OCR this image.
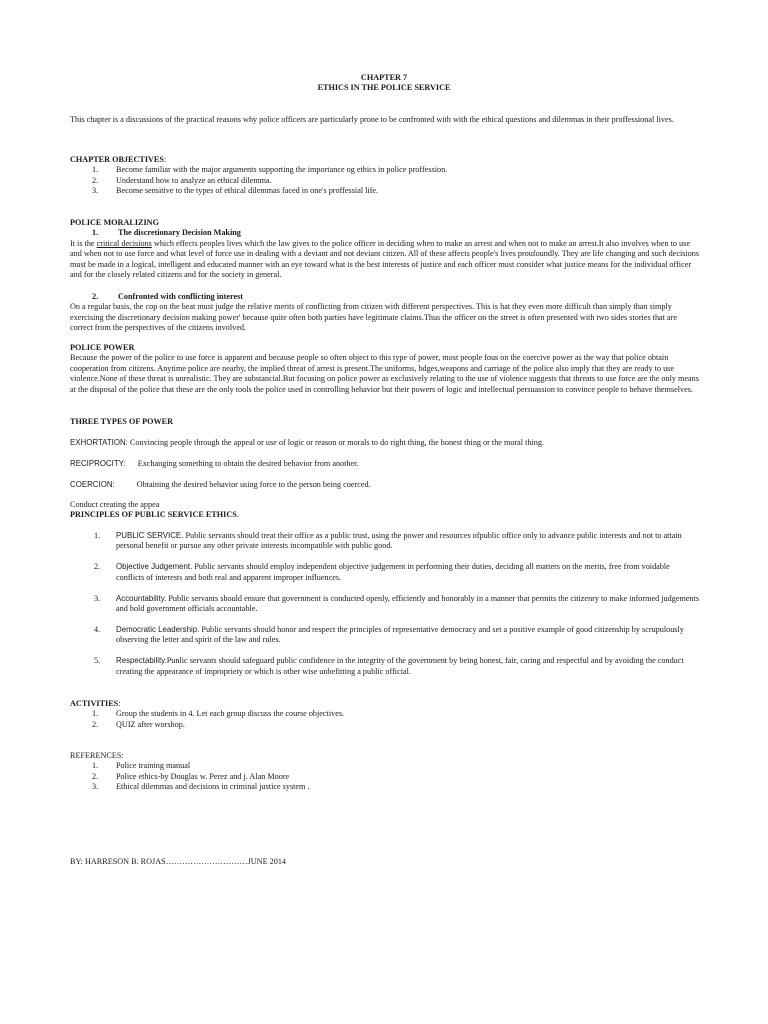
CHAPTER 7
ETHICS IN THE POLICE SERVICE

This chapter is a discussions of the practical reasons why police officers are particularly prone to be confronted with with the ethical questions and dilemmas in their proffessional lives.

CHAPTER OBJECTIVES:
1. Become familiar with the major arguments supporting the importance og ethics in police proffession.
2. Understand how to analyze an ethical dilemma.
3. Become sensitive to the types of ethical dilemmas faced in one's proffessial life.
POLICE MORALIZING
1. The discretionary Decision Making

It is the critical decisions which effects peoples lives which the law gives to the police officer in deciding when to make an arrest and when not to make an arrest.It also involves when to use and when not to use force and what level of force use in dealing with a deviant and not deviant citizen. All of these affects people's lives proufoundly. They are life changing and such decisions must be made in a logical, intelligent and educated manner with an eye toward what is the best interests of justice and each officer must consider what justice means for the individual officer and for the closely related citizens and for the society in general.

2. Confronted with conflicting interest

On a regular basis, the cop on the beat must judge the relative merits of conflicting from citizen with different perspectives. This is hat they even more difficult than simply than simply exercising the discretionary decision making power' because quite often both parties have legitimate claims.Thus the officer on the street is often presented with two sides stories that are correct from the perspectives of the citizens involved.

POLICE POWER

Because the power of the police to use force is apparent and because people so often object to this type of power, most people fous on the coercive power as the way that police obtain cooperation from citizens. Anytime police are nearby, the implied threat of arrest is present.The uniforms, bdges,weapons and carriage of the police also imply that they are ready to use violence.None of these threat is unrealistic. They are substancial.But focusing on police power as exclusively relating to the use of violence suggests that threats to use force are the only means at the disposal of the police that these are the only tools the police used in controlling behavior but their powers of logic and intellectual persuassion to convince people to behave themselves.

THREE TYPES OF POWER

EXHORTATION: Convincing people through the appeal or use of logic or reason or morals to do right thing, the honest thing or the moral thing.

RECIPROCITY: Exchanging something to obtain the desired behavior from another.

COERCION:	Obtaining the desired behavior using force to the person being coerced.

Conduct creating the appea
PRINCIPLES OF PUBLIC SERVICE ETHICS.
1. PUBLIC SERVICE. Public servants should treat their office as a public trust, using the power and resources ofpublic office only to advance public interests and not to attain personal benefit or pursue any other private interests incompatible with public good.
2. Objective Judgement. Public servants should employ independent objective judgement in performing their duties, deciding all matters on the merits, free from voidable conflicts of interests and both real and apparent improper influences.
3. Accountability. Public servants should ensure that government is conducted openly, efficiently and honorably in a manner that permits the citizenry to make informed judgements and hold government officials accountable.
4. Democratic Leadership. Public servants should honor and respect the principles of representative democracy and set a positive example of good citizenship by scrupulously observing the letter and spirit of the law and rules.
5. Respectability.Punlic servants should safeguard public confidence in the integrity of the government by being honest, fair, caring and respectful and by avoiding the conduct creating the appearance of impropriety or which is other wise unbefitting a public official.
ACTIVITIES:
1. Group the students in 4. Let each group discuss the course objectives.
2. QUIZ after worshop.
REFERENCES:
1. Police training manual
2. Police ethics-by Douglas w. Perez and j. Alan Moore
3. Ethical dilemmas and decisions in criminal justice system .

BY: HARRESON B. ROJAS…………………………JUNE 2014
